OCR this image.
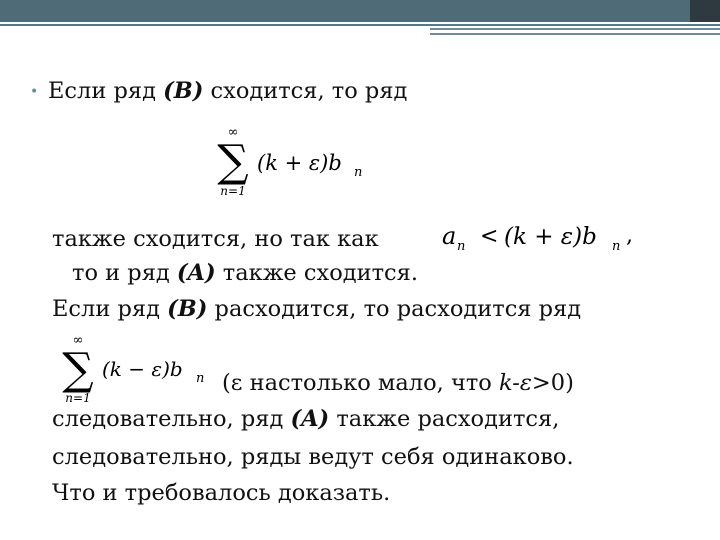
• Если ряд (B) сходится, то ряд
∞
∑
n=1
(k + ε)b n
также сходится, но так как	a n < (k + ε)b n ,
то и ряд (A) также сходится.
Если ряд (B) расходится, то расходится ряд
∞
∑
n=1
(k − ε)b n (ε настолько мало, что k-ε>0)
следовательно, ряд (A) также расходится,
следовательно, ряды ведут себя одинаково.
Что и требовалось доказать.
